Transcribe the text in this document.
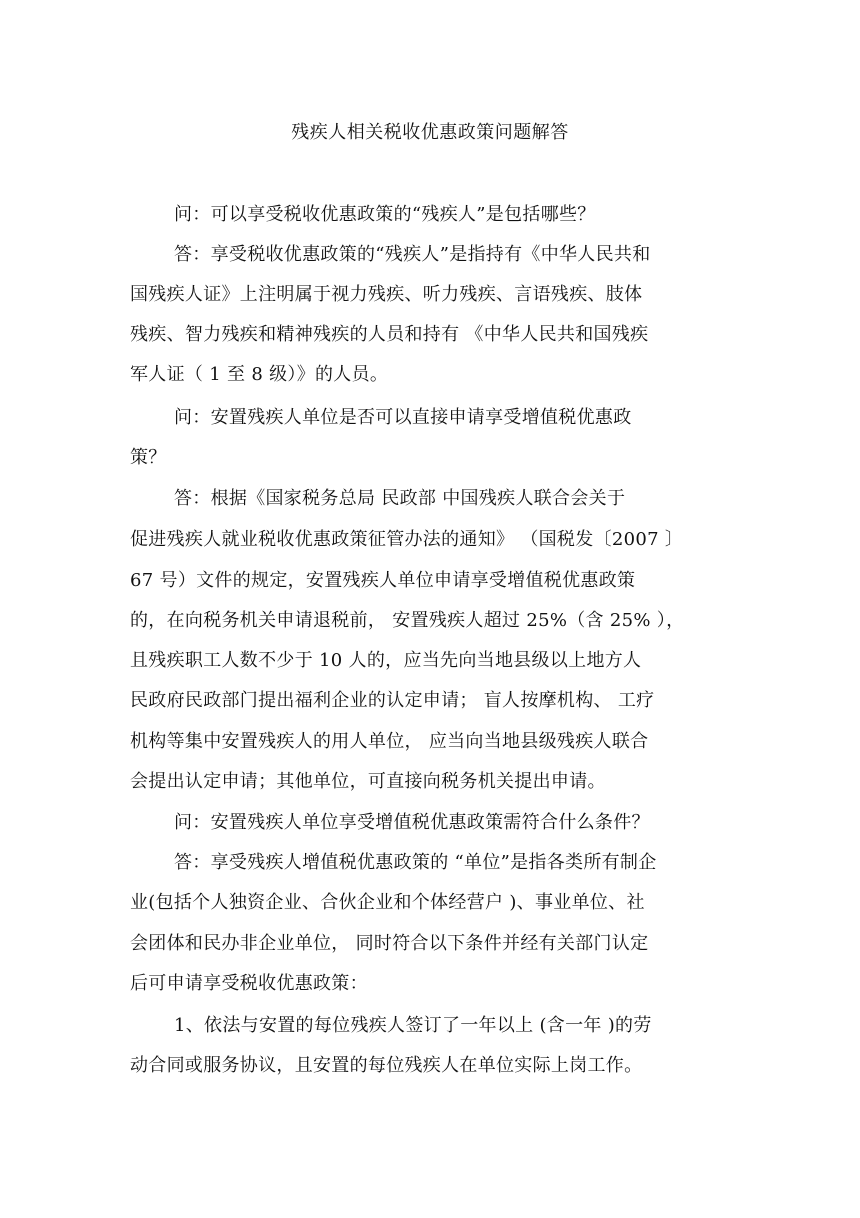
残疾人相关税收优惠政策问题解答
问：可以享受税收优惠政策的“残疾人”是包括哪些？
答：享受税收优惠政策的“残疾人”是指持有《中华人民共和
国残疾人证》上注明属于视力残疾、听力残疾、言语残疾、肢体
残疾、智力残疾和精神残疾的人员和持有 《中华人民共和国残疾
军人证（ 1 至 8 级）》的人员。
问：安置残疾人单位是否可以直接申请享受增值税优惠政
策？
答：根据《国家税务总局 民政部 中国残疾人联合会关于
促进残疾人就业税收优惠政策征管办法的通知》 （国税发〔2007 〕
67 号）文件的规定，安置残疾人单位申请享受增值税优惠政策
的，在向税务机关申请退税前， 安置残疾人超过 25%（含 25% ），
且残疾职工人数不少于 10 人的，应当先向当地县级以上地方人
民政府民政部门提出福利企业的认定申请； 盲人按摩机构、 工疗
机构等集中安置残疾人的用人单位， 应当向当地县级残疾人联合
会提出认定申请；其他单位，可直接向税务机关提出申请。
问：安置残疾人单位享受增值税优惠政策需符合什么条件？
答：享受残疾人增值税优惠政策的 “单位”是指各类所有制企
业(包括个人独资企业、合伙企业和个体经营户 )、事业单位、社
会团体和民办非企业单位， 同时符合以下条件并经有关部门认定
后可申请享受税收优惠政策：
1、依法与安置的每位残疾人签订了一年以上 (含一年 )的劳
动合同或服务协议，且安置的每位残疾人在单位实际上岗工作。
